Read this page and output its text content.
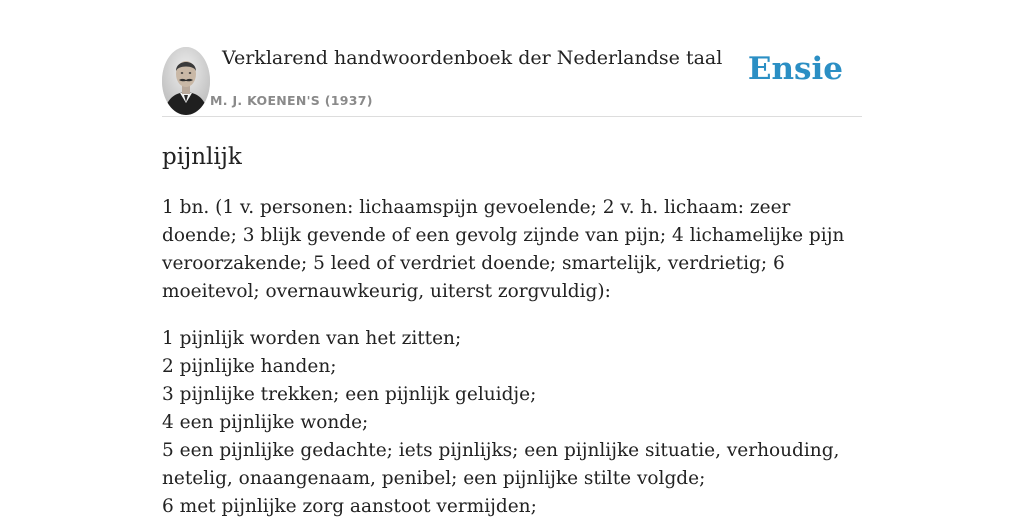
Verklarend handwoordenboek der Nederlandse taal
M. J. KOENEN'S (1937)
Ensie
pijnlijk

1 bn. (1 v. personen: lichaamspijn gevoelende; 2 v. h. lichaam: zeer doende; 3 blijk gevende of een gevolg zijnde van pijn; 4 lichamelijke pijn veroorzakende; 5 leed of verdriet doende; smartelijk, verdrietig; 6 moeitevol; overnauwkeurig, uiterst zorgvuldig):

1 pijnlijk worden van het zitten;
2 pijnlijke handen;
3 pijnlijke trekken; een pijnlijk geluidje;
4 een pijnlijke wonde;
5 een pijnlijke gedachte; iets pijnlijks; een pijnlijke situatie, verhouding, netelig, onaangenaam, penibel; een pijnlijke stilte volgde;
6 met pijnlijke zorg aanstoot vermijden;
